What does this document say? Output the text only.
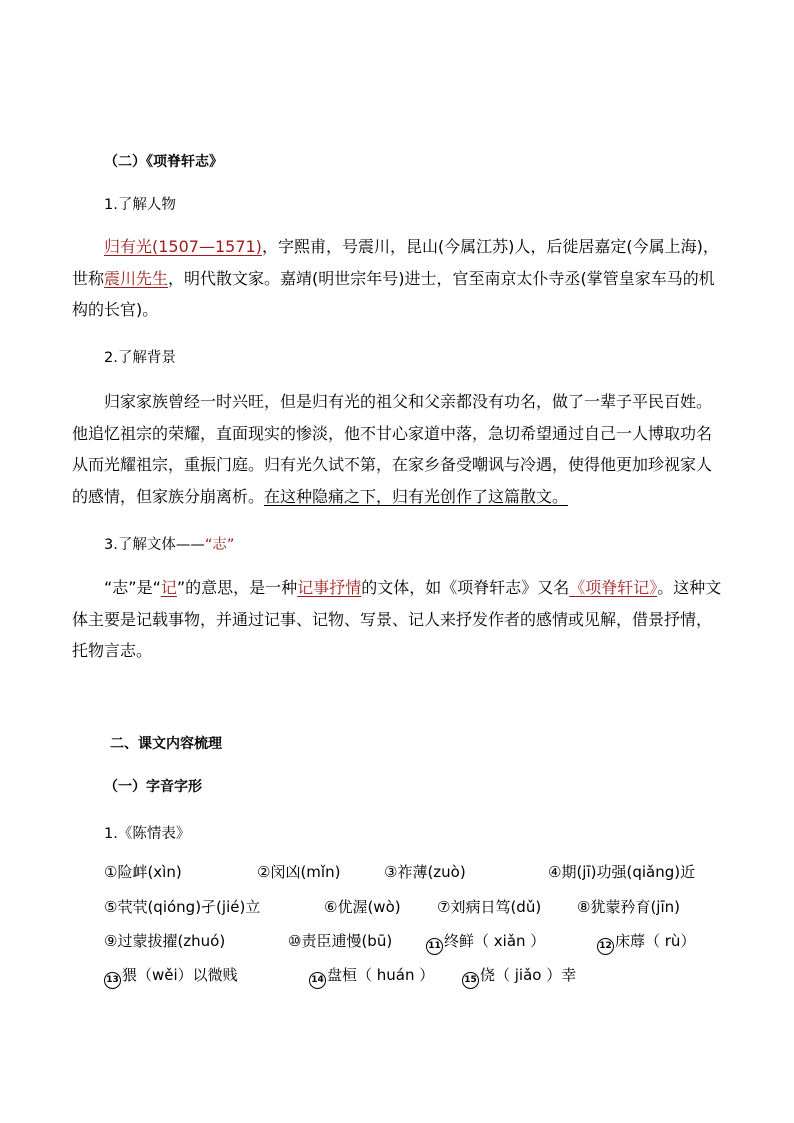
（二）《项脊轩志》
1.了解人物

归有光(1507—1571)，字熙甫，号震川，昆山(今属江苏)人，后徙居嘉定(今属上海)，世称震川先生，明代散文家。嘉靖(明世宗年号)进士，官至南京太仆寺丞(掌管皇家车马的机构的长官)。

2.了解背景

归家家族曾经一时兴旺，但是归有光的祖父和父亲都没有功名，做了一辈子平民百姓。他追忆祖宗的荣耀，直面现实的惨淡，他不甘心家道中落，急切希望通过自己一人博取功名从而光耀祖宗，重振门庭。归有光久试不第，在家乡备受嘲讽与冷遇，使得他更加珍视家人的感情，但家族分崩离析。在这种隐痛之下，归有光创作了这篇散文。

3.了解文体——“志”

“志”是“记”的意思，是一种记事抒情的文体，如《项脊轩志》又名《项脊轩记》。这种文体主要是记载事物，并通过记事、记物、写景、记人来抒发作者的感情或见解，借景抒情，托物言志。

二、课文内容梳理
（一）字音字形
1.《陈情表》
①险衅(xìn)	②闵凶(mǐn)	③祚薄(zuò)	④期(jī)功强(qiǎng)近
⑤茕茕(qióng)孑(jié)立	⑥优渥(wò) ⑦刘病日笃(dǔ) ⑧犹蒙矜育(jīn)
⑨过蒙拔擢(zhuó)	⑩责臣逋慢(bū)	11 终鲜（ xiǎn ）	12 床蓐（ rù）
13 猥（wěi）以微贱	14 盘桓（ huán ）	15 侥（ jiǎo ）幸
